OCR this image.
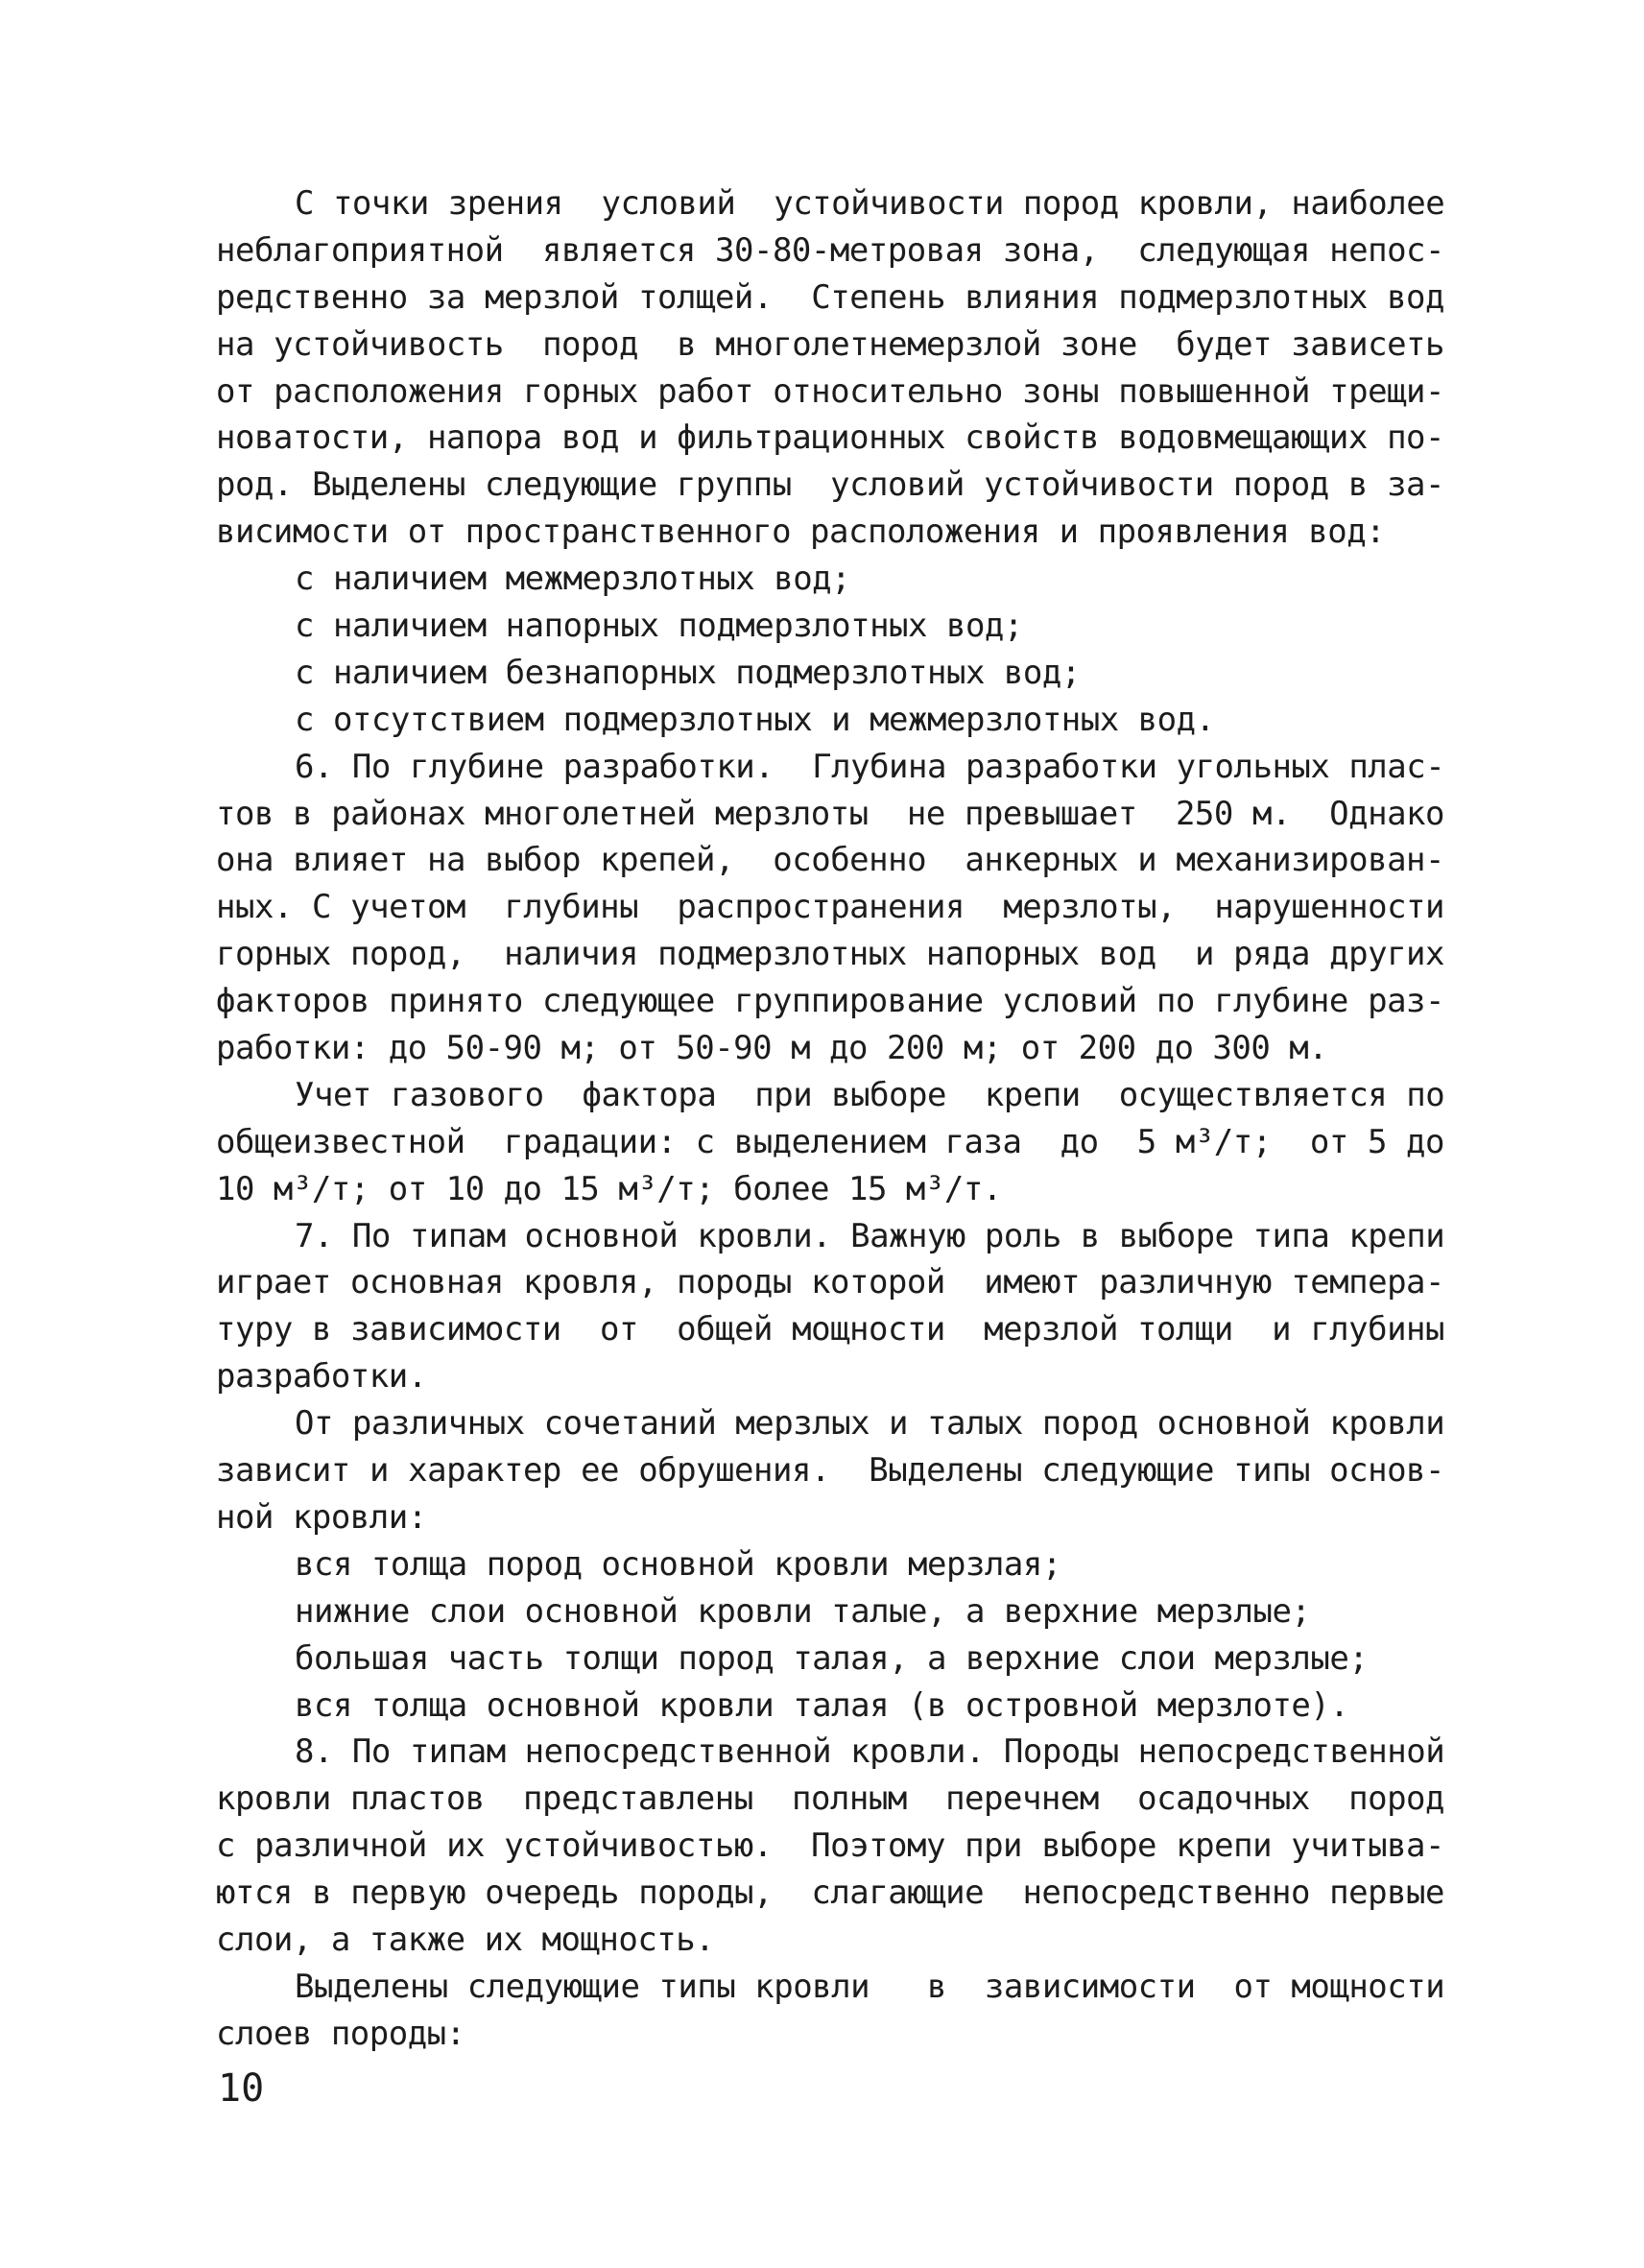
С точки зрения  условий  устойчивости пород кровли, наиболее
неблагоприятной  является 30-80-метровая зона,  следующая непос-
редственно за мерзлой толщей.  Степень влияния подмерзлотных вод
на устойчивость  пород  в многолетнемерзлой зоне  будет зависеть
от расположения горных работ относительно зоны повышенной трещи-
новатости, напора вод и фильтрационных свойств водовмещающих по-
род. Выделены следующие группы  условий устойчивости пород в за-
висимости от пространственного расположения и проявления вод:
с наличием межмерзлотных вод;
с наличием напорных подмерзлотных вод;
с наличием безнапорных подмерзлотных вод;
с отсутствием подмерзлотных и межмерзлотных вод.
6. По глубине разработки.  Глубина разработки угольных плас-
тов в районах многолетней мерзлоты  не превышает  250 м.  Однако
она влияет на выбор крепей,  особенно  анкерных и механизирован-
ных. С учетом  глубины  распространения  мерзлоты,  нарушенности
горных пород,  наличия подмерзлотных напорных вод  и ряда других
факторов принято следующее группирование условий по глубине раз-
работки: до 50-90 м; от 50-90 м до 200 м; от 200 до 300 м.
Учет газового  фактора  при выборе  крепи  осуществляется по
общеизвестной  градации: с выделением газа  до  5 м³/т;  от 5 до
10 м³/т; от 10 до 15 м³/т; более 15 м³/т.
7. По типам основной кровли. Важную роль в выборе типа крепи
играет основная кровля, породы которой  имеют различную темпера-
туру в зависимости  от  общей мощности  мерзлой толщи  и глубины
разработки.
От различных сочетаний мерзлых и талых пород основной кровли
зависит и характер ее обрушения.  Выделены следующие типы основ-
ной кровли:
вся толща пород основной кровли мерзлая;
нижние слои основной кровли талые, а верхние мерзлые;
большая часть толщи пород талая, а верхние слои мерзлые;
вся толща основной кровли талая (в островной мерзлоте).
8. По типам непосредственной кровли. Породы непосредственной
кровли пластов  представлены  полным  перечнем  осадочных  пород
с различной их устойчивостью.  Поэтому при выборе крепи учитыва-
ются в первую очередь породы,  слагающие  непосредственно первые
слои, а также их мощность.
Выделены следующие типы кровли   в  зависимости  от мощности
слоев породы:
10
